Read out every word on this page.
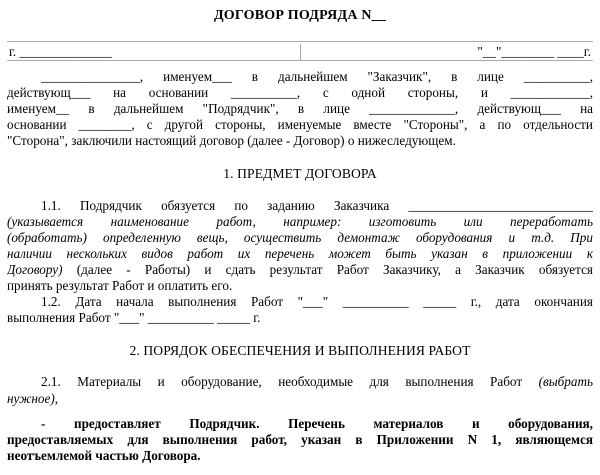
ДОГОВОР ПОДРЯДА N__
г. ______________	"__"________ ____г.
_______________, именуем___ в дальнейшем "Заказчик", в лице __________,
действующ___ на основании __________, с одной стороны, и ____________,
именуем__ в дальнейшем "Подрядчик", в лице _____________, действующ___ на
основании ________, с другой стороны, именуемые вместе "Стороны", а по отдельности
"Сторона", заключили настоящий договор (далее - Договор) о нижеследующем.
1. ПРЕДМЕТ ДОГОВОРА
1.1. Подрядчик обязуется по заданию Заказчика ____________________________
(указывается наименование работ, например: изготовить или переработать
(обработать) определенную вещь, осуществить демонтаж оборудования и т.д. При
наличии нескольких видов работ их перечень может быть указан в приложении к
Договору) (далее - Работы) и сдать результат Работ Заказчику, а Заказчик обязуется
принять результат Работ и оплатить его.
1.2. Дата начала выполнения Работ "___" __________ _____ г., дата окончания
выполнения Работ "___" __________ _____ г.
2. ПОРЯДОК ОБЕСПЕЧЕНИЯ И ВЫПОЛНЕНИЯ РАБОТ
2.1. Материалы и оборудование, необходимые для выполнения Работ (выбрать
нужное),
- предоставляет Подрядчик. Перечень материалов и оборудования,
предоставляемых для выполнения работ, указан в Приложении N 1, являющемся
неотъемлемой частью Договора.
